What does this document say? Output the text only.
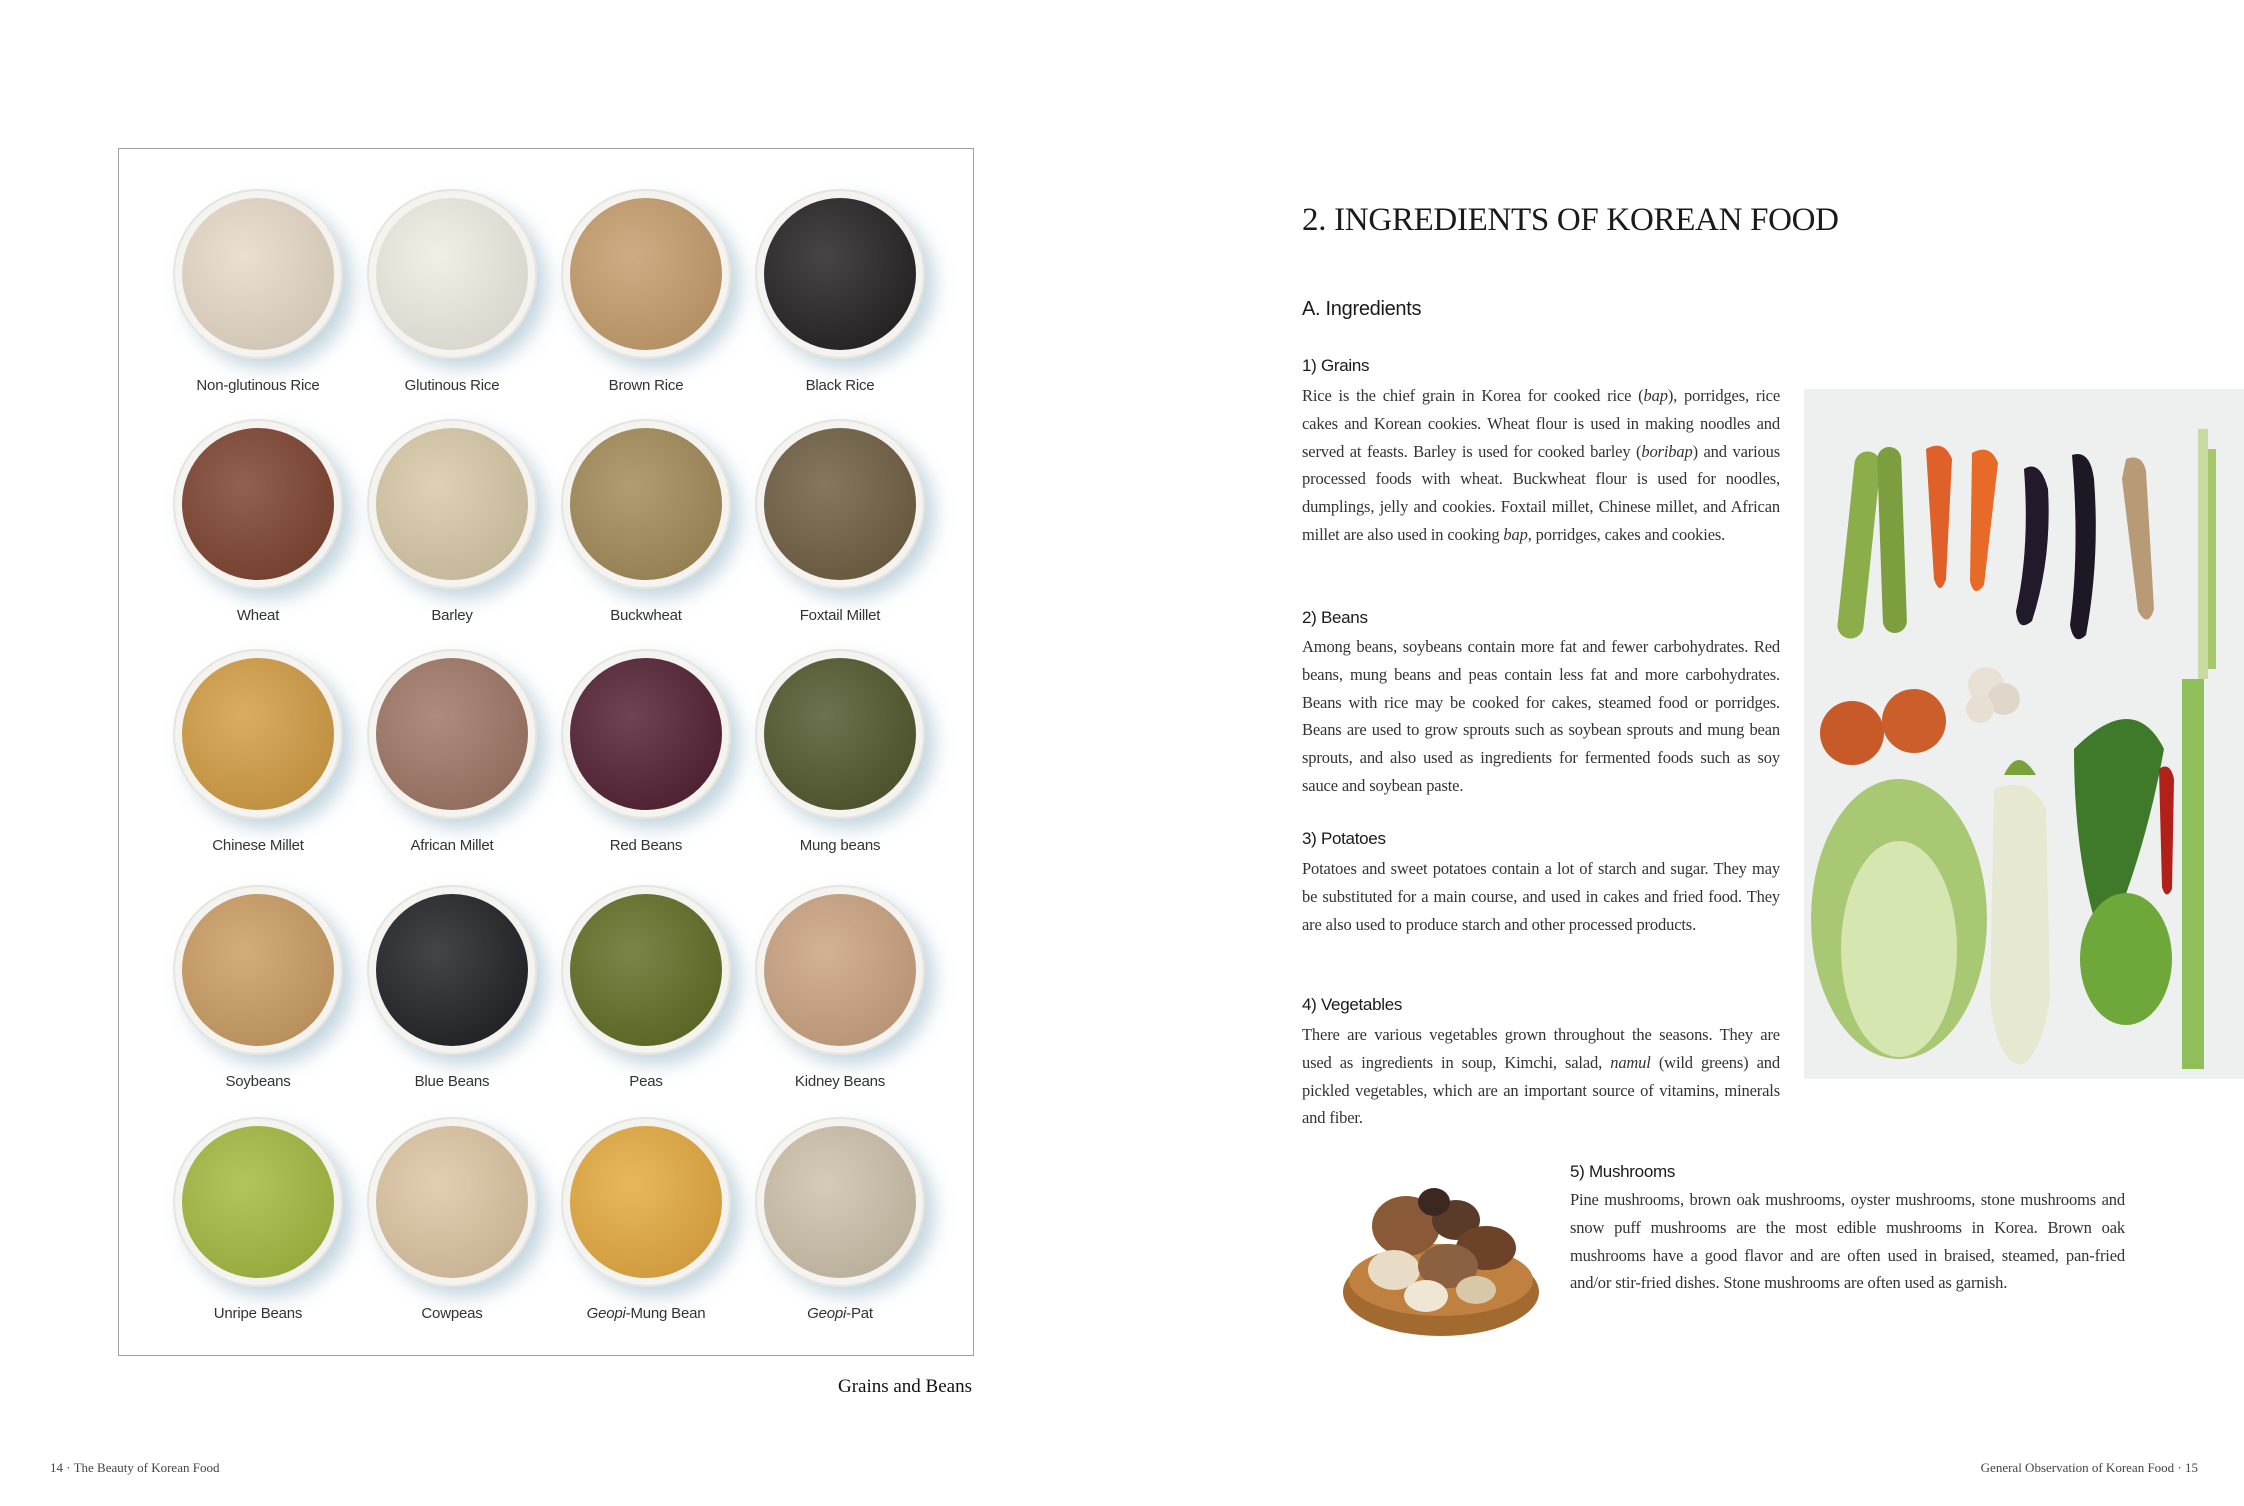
Non-glutinous Rice	Glutinous Rice	Brown Rice	Black Rice
Wheat	Barley	Buckwheat	Foxtail Millet
Chinese Millet	African Millet	Red Beans	Mung beans
Soybeans	Blue Beans	Peas	Kidney Beans
Unripe Beans	Cowpeas	Geopi-Mung Bean	Geopi-Pat
Grains and Beans
14 · The Beauty of Korean Food
2. INGREDIENTS OF KOREAN FOOD
A. Ingredients
1) Grains
Rice is the chief grain in Korea for cooked rice (bap), porridges, rice cakes and Korean cookies. Wheat flour is used in making noodles and served at feasts. Barley is used for cooked barley (boribap) and various processed foods with wheat. Buckwheat flour is used for noodles, dumplings, jelly and cookies. Foxtail millet, Chinese millet, and African millet are also used in cooking bap, porridges, cakes and cookies.
2) Beans
Among beans, soybeans contain more fat and fewer carbohydrates. Red beans, mung beans and peas contain less fat and more carbohydrates. Beans with rice may be cooked for cakes, steamed food or porridges. Beans are used to grow sprouts such as soybean sprouts and mung bean sprouts, and also used as ingredients for fermented foods such as soy sauce and soybean paste.
3) Potatoes
Potatoes and sweet potatoes contain a lot of starch and sugar. They may be substituted for a main course, and used in cakes and fried food. They are also used to produce starch and other processed products.
4) Vegetables
There are various vegetables grown throughout the seasons. They are used as ingredients in soup, Kimchi, salad, namul (wild greens) and pickled vegetables, which are an important source of vitamins, minerals and fiber.
5) Mushrooms
Pine mushrooms, brown oak mushrooms, oyster mushrooms, stone mushrooms and snow puff mushrooms are the most edible mushrooms in Korea. Brown oak mushrooms have a good flavor and are often used in braised, steamed, pan-fried and/or stir-fried dishes. Stone mushrooms are often used as garnish.
General Observation of Korean Food · 15
